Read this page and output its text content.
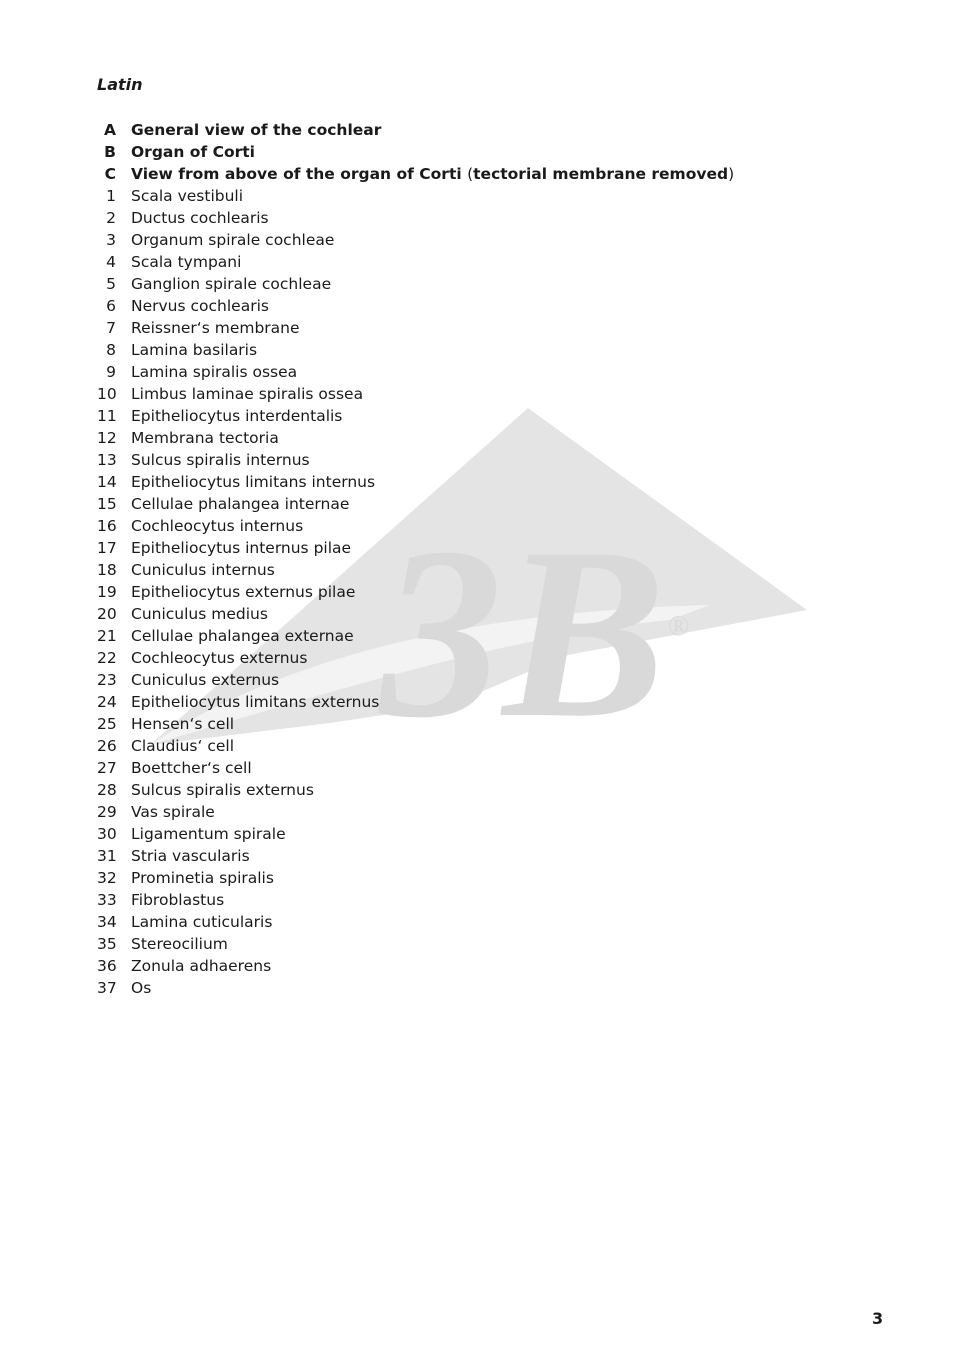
3B ®
Latin
A General view of the cochlear
B Organ of Corti
C View from above of the organ of Corti (tectorial membrane removed)
1 Scala vestibuli
2 Ductus cochlearis
3 Organum spirale cochleae
4 Scala tympani
5 Ganglion spirale cochleae
6 Nervus cochlearis
7 Reissner‘s membrane
8 Lamina basilaris
9 Lamina spiralis ossea
10 Limbus laminae spiralis ossea
11 Epitheliocytus interdentalis
12 Membrana tectoria
13 Sulcus spiralis internus
14 Epitheliocytus limitans internus
15 Cellulae phalangea internae
16 Cochleocytus internus
17 Epitheliocytus internus pilae
18 Cuniculus internus
19 Epitheliocytus externus pilae
20 Cuniculus medius
21 Cellulae phalangea externae
22 Cochleocytus externus
23 Cuniculus externus
24 Epitheliocytus limitans externus
25 Hensen‘s cell
26 Claudius‘ cell
27 Boettcher‘s cell
28 Sulcus spiralis externus
29 Vas spirale
30 Ligamentum spirale
31 Stria vascularis
32 Prominetia spiralis
33 Fibroblastus
34 Lamina cuticularis
35 Stereocilium
36 Zonula adhaerens
37 Os
3
